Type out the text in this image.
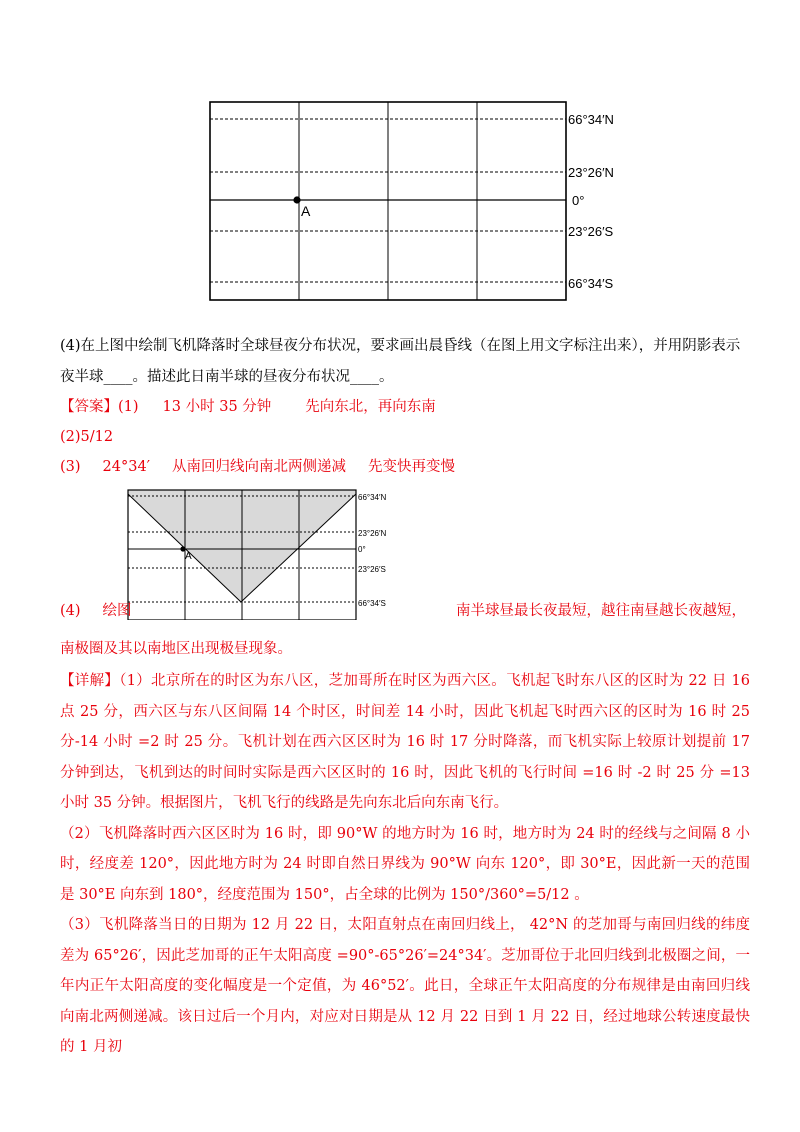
66°34′N
23°26′N
0°
23°26′S
66°34′S
A
(4)在上图中绘制飞机降落时全球昼夜分布状况，要求画出晨昏线（在图上用文字标注出来），并用阴影表示
夜半球____。描述此日南半球的昼夜分布状况____。
【答案】(1) 13 小时 35 分钟 先向东北，再向东南
(2)5/12
(3) 24°34′ 从南回归线向南北两侧递减 先变快再变慢
A
66°34′N
23°26′N
0°
23°26′S
66°34′S
(4) 绘图	南半球昼最长夜最短，越往南昼越长夜越短，
南极圈及其以南地区出现极昼现象。
【详解】（1）北京所在的时区为东八区，芝加哥所在时区为西六区。飞机起飞时东八区的区时为 22 日 16 点 25 分，西六区与东八区间隔 14 个时区，时间差 14 小时，因此飞机起飞时西六区的区时为 16 时 25 分-14 小时 =2 时 25 分。飞机计划在西六区区时为 16 时 17 分时降落，而飞机实际上较原计划提前 17 分钟到达，飞机到达的时间时实际是西六区区时的 16 时，因此飞机的飞行时间 =16 时 -2 时 25 分 =13 小时 35 分钟。根据图片，飞机飞行的线路是先向东北后向东南飞行。
（2）飞机降落时西六区区时为 16 时，即 90°W 的地方时为 16 时，地方时为 24 时的经线与之间隔 8 小时，经度差 120°，因此地方时为 24 时即自然日界线为 90°W 向东 120°，即 30°E，因此新一天的范围是 30°E 向东到 180°，经度范围为 150°，占全球的比例为 150°/360°=5/12 。
（3）飞机降落当日的日期为 12 月 22 日，太阳直射点在南回归线上， 42°N 的芝加哥与南回归线的纬度差为 65°26′，因此芝加哥的正午太阳高度 =90°-65°26′=24°34′。芝加哥位于北回归线到北极圈之间，一年内正午太阳高度的变化幅度是一个定值，为 46°52′。此日，全球正午太阳高度的分布规律是由南回归线向南北两侧递减。该日过后一个月内，对应对日期是从 12 月 22 日到 1 月 22 日，经过地球公转速度最快的 1 月初
